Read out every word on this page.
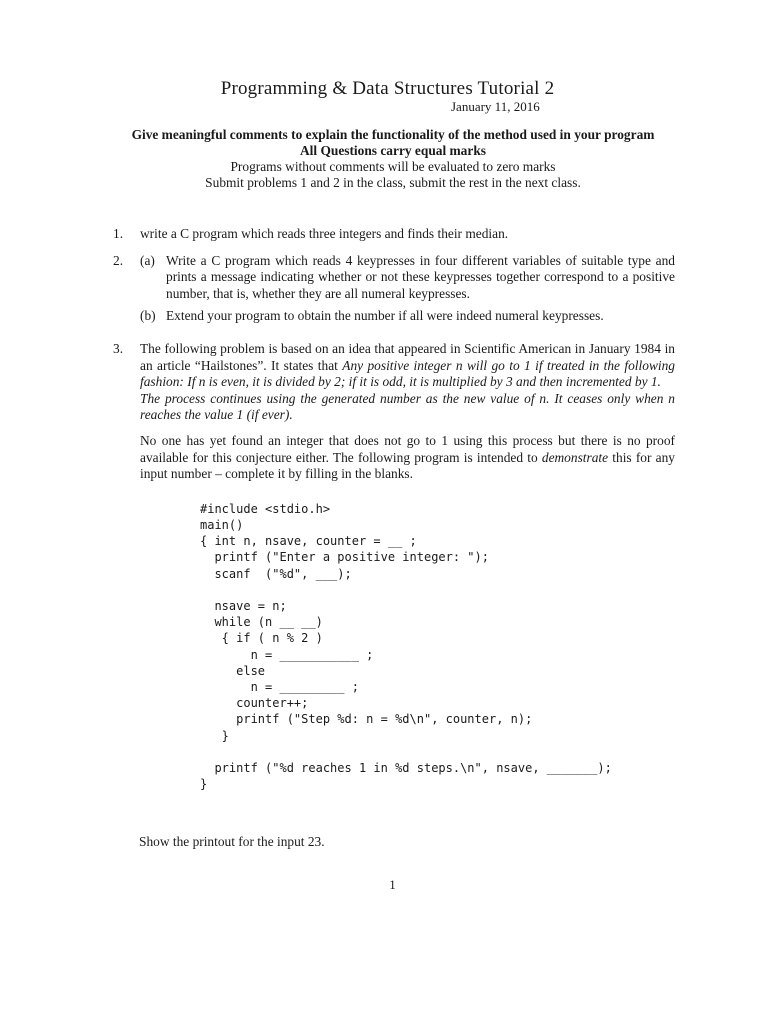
Programming & Data Structures Tutorial 2
January 11, 2016
Give meaningful comments to explain the functionality of the method used in your program
All Questions carry equal marks
Programs without comments will be evaluated to zero marks
Submit problems 1 and 2 in the class, submit the rest in the next class.
1.	write a C program which reads three integers and finds their median.
2.	(a) Write a C program which reads 4 keypresses in four different variables of suitable type and prints a message indicating whether or not these keypresses together correspond to a positive number, that is, whether they are all numeral keypresses.
(b) Extend your program to obtain the number if all were indeed numeral keypresses.
3.	The following problem is based on an idea that appeared in Scientific American in January 1984 in an article “Hailstones”. It states that Any positive integer n will go to 1 if treated in the following fashion: If n is even, it is divided by 2; if it is odd, it is multiplied by 3 and then incremented by 1.
The process continues using the generated number as the new value of n. It ceases only when n reaches the value 1 (if ever).

No one has yet found an integer that does not go to 1 using this process but there is no proof available for this conjecture either. The following program is intended to demonstrate this for any input number – complete it by filling in the blanks.

#include <stdio.h>
main()
{ int n, nsave, counter = __ ;
printf ("Enter a positive integer: ");
scanf  ("%d", ___);

nsave = n;
while (n __ __)
{ if ( n % 2 )
n = ___________ ;
else
n = _________ ;
counter++;
printf ("Step %d: n = %d\n", counter, n);
}

printf ("%d reaches 1 in %d steps.\n", nsave, _______);
}
Show the printout for the input 23.
1
